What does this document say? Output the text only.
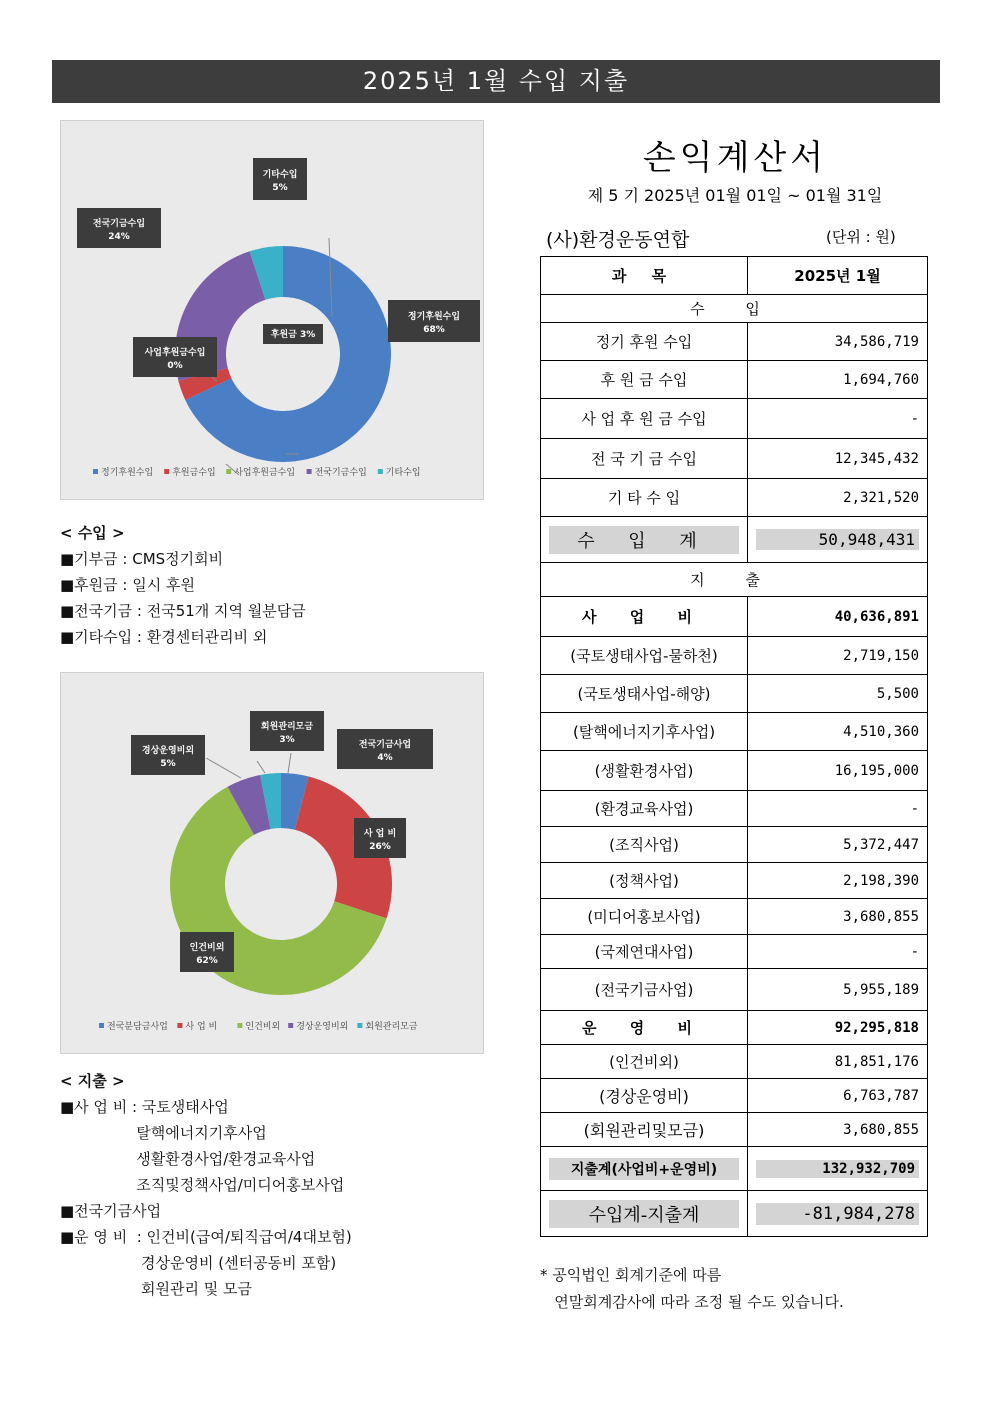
2025년 1월 수입 지출
기타수입
5%
전국기금수입
24%
정기후원수입
68%
후원금 3%
사업후원금수입
0%
정기후원수입 후원금수입 사업후원금수입 전국기금수입 기타수입
< 수입 >
■기부금 : CMS정기회비
■후원금 : 일시 후원
■전국기금 : 전국51개 지역 월분담금
■기타수입 : 환경센터관리비 외
회원관리모금
3%
경상운영비외
5%
전국기금사업
4%
사 업 비
26%
인건비외
62%
전국분담금사업 사 업 비	인건비외 경상운영비외 회원관리모금
< 지출 >
■사 업 비 : 국토생태사업
탈핵에너지기후사업
생활환경사업/환경교육사업
조직및정책사업/미디어홍보사업
■전국기금사업
■운 영 비  : 인건비(급여/퇴직급여/4대보험)
경상운영비 (센터공동비 포함)
회원관리 및 모금
손익계산서
제 5 기 2025년 01월 01일 ~ 01월 31일
(사)환경운동연합	(단위 : 원)
과 목	2025년 1월
수 입	
정기 후원 수입	34,586,719
후 원 금 수입	1,694,760
사 업 후 원 금 수입	-
전 국 기 금 수입	12,345,432
기 타 수 입	2,321,520

수 입 계	50,948,431

지 출	
사 업 비	40,636,891
(국토생태사업-물하천)	2,719,150
(국토생태사업-해양)	5,500
(탈핵에너지기후사업)	4,510,360
(생활환경사업)	16,195,000
(환경교육사업)	-
(조직사업)	5,372,447
(정책사업)	2,198,390
(미디어홍보사업)	3,680,855
(국제연대사업)	-
(전국기금사업)	5,955,189
운 영 비	92,295,818
(인건비외)	81,851,176
(경상운영비)	6,763,787
(회원관리및모금)	3,680,855

지출계(사업비+운영비)	132,932,709

수입계-지출계	-81,984,278
* 공익법인 회계기준에 따름
연말회계감사에 따라 조정 될 수도 있습니다.
